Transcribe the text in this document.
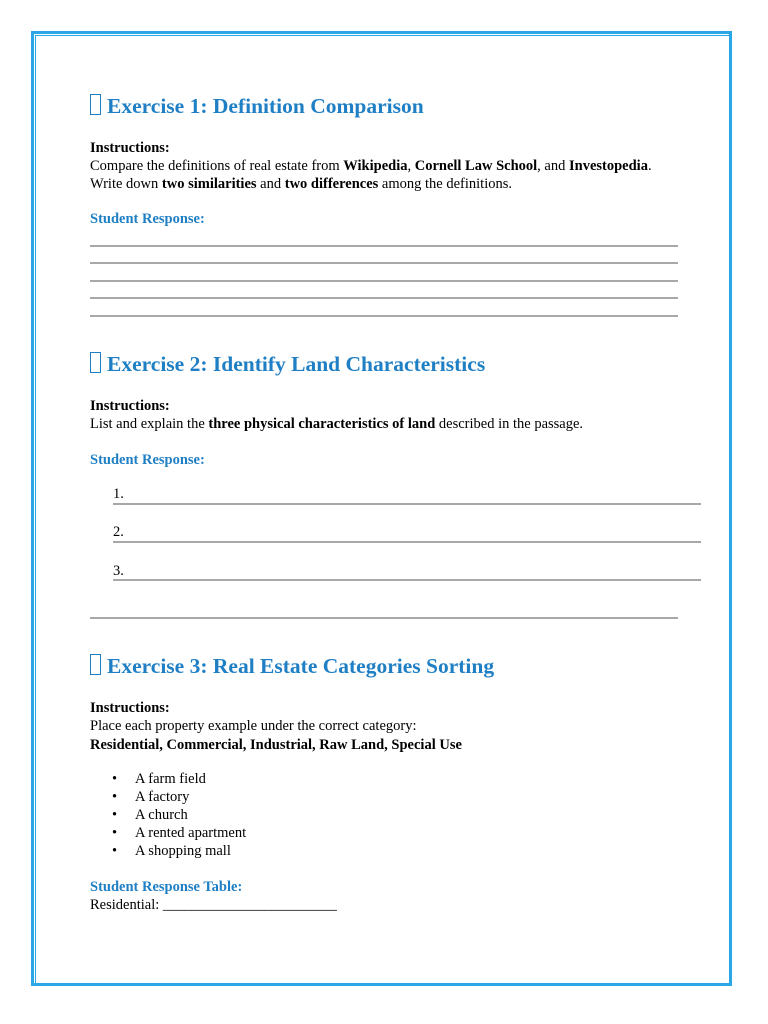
Exercise 1: Definition Comparison
Instructions:
Compare the definitions of real estate from Wikipedia, Cornell Law School, and Investopedia.
Write down two similarities and two differences among the definitions.
Student Response:
Exercise 2: Identify Land Characteristics
Instructions:
List and explain the three physical characteristics of land described in the passage.
Student Response:
1.
2.
3.
Exercise 3: Real Estate Categories Sorting
Instructions:
Place each property example under the correct category:
Residential, Commercial, Industrial, Raw Land, Special Use
• A farm field
• A factory
• A church
• A rented apartment
• A shopping mall
Student Response Table:
Residential: ________________________
